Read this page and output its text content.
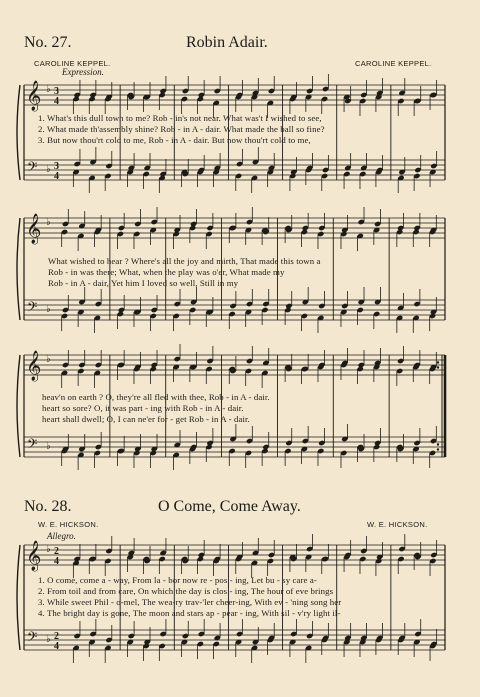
No. 27.	Robin Adair.
CAROLINE KEPPEL.	CAROLINE KEPPEL.
Expression.
No. 28.	O Come, Come Away.
W. E. HICKSON.	W. E. HICKSON.
Allegro.
1. What's this dull town to me? Rob - in's not near. What was't I wished to see,
2. What made th'assembly shine? Rob - in A - dair. What made the ball so fine?
3. But now thou'rt cold to me, Rob - in A - dair. But now thou'rt cold to me,
What wished to hear ? Where's all the joy and mirth, That made this town a
Rob - in was there; What, when the play was o'er, What made my
Rob - in A - dair, Yet him I loved so well, Still in my
heav'n on earth ? O, they're all fled with thee, Rob - in A - dair.
heart so sore? O, it was part - ing with Rob - in A - dair.
heart shall dwell; O, I can ne'er for - get Rob - in A - dair.
1. O come, come a - way, From la - bor now re - pos - ing, Let bu - sy care a-
2. From toil and from care, On which the day is clos - ing, The hour of eve brings
3. While sweet Phil - o-mel, The wea-ry trav-'ler cheer-ing, With ev - 'ning song her
4. The bright day is gone, The moon and stars ap - pear - ing, With sil - v'ry light il-
𝄞
𝄢
♭
♭
3
4
3
4
𝄞
𝄢
♭
♭
𝄞
𝄢
♭
♭
𝄞
𝄢
♭
♭
2
4
2
4
